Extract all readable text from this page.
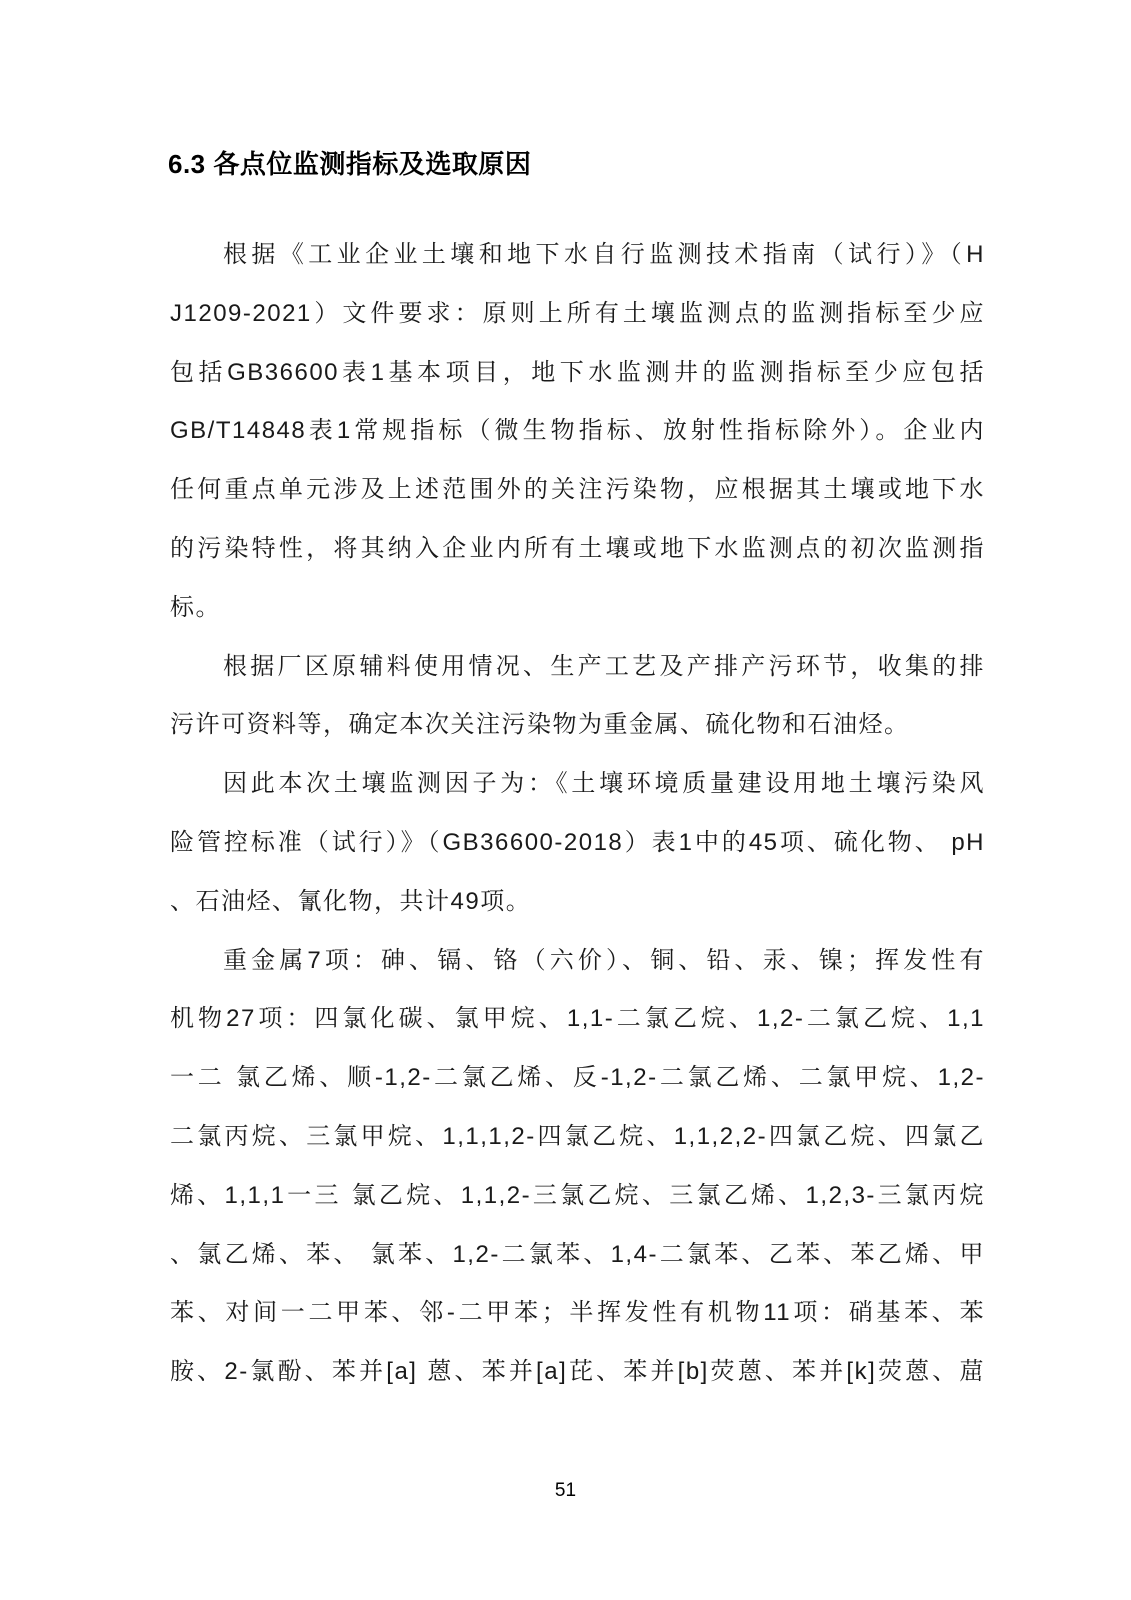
6.3 各点位监测指标及选取原因
根据《工业企业土壤和地下水自行监测技术指南（试行）》（H
J1209-2021）文件要求：原则上所有土壤监测点的监测指标至少应
包括GB36600表1基本项目，地下水监测井的监测指标至少应包括
GB/T14848表1常规指标（微生物指标、放射性指标除外）。企业内
任何重点单元涉及上述范围外的关注污染物，应根据其土壤或地下水
的污染特性，将其纳入企业内所有土壤或地下水监测点的初次监测指
标。
根据厂区原辅料使用情况、生产工艺及产排产污环节，收集的排
污许可资料等，确定本次关注污染物为重金属、硫化物和石油烃。
因此本次土壤监测因子为：《土壤环境质量建设用地土壤污染风
险管控标准（试行）》（GB36600-2018）表1中的45项、硫化物、 pH
、石油烃、氰化物，共计49项。
重金属7项：砷、镉、铬（六价）、铜、铅、汞、镍；挥发性有
机物27项：四氯化碳、氯甲烷、1,1-二氯乙烷、1,2-二氯乙烷、1,1
一二 氯乙烯、顺-1,2-二氯乙烯、反-1,2-二氯乙烯、二氯甲烷、1,2-
二氯丙烷、三氯甲烷、1,1,1,2-四氯乙烷、1,1,2,2-四氯乙烷、四氯乙
烯、1,1,1一三 氯乙烷、1,1,2-三氯乙烷、三氯乙烯、1,2,3-三氯丙烷
、氯乙烯、苯、 氯苯、1,2-二氯苯、1,4-二氯苯、乙苯、苯乙烯、甲
苯、对间一二甲苯、邻-二甲苯；半挥发性有机物11项：硝基苯、苯
胺、2-氯酚、苯并[a] 蒽、苯并[a]芘、苯并[b]荧蒽、苯并[k]荧蒽、䓛
51
